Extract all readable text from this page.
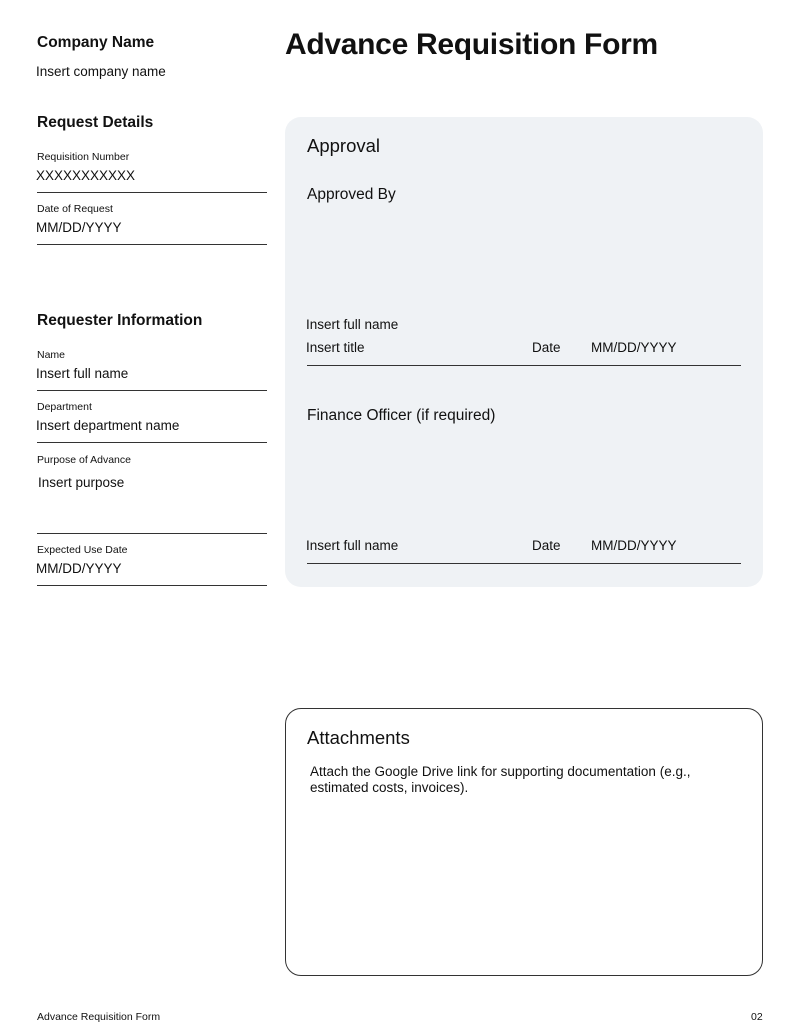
Company Name
Insert company name
Advance Requisition Form
Request Details
Requisition Number
XXXXXXXXXXX
Date of Request
MM/DD/YYYY
Requester Information
Name
Insert full name
Department
Insert department name
Purpose of Advance
Insert purpose
Expected Use Date
MM/DD/YYYY
Approval
Approved By
Insert full name
Insert title	Date MM/DD/YYYY
Finance Officer (if required)
Insert full name	Date MM/DD/YYYY
Attachments
Attach the Google Drive link for supporting documentation (e.g., estimated costs, invoices).
Advance Requisition Form	02
